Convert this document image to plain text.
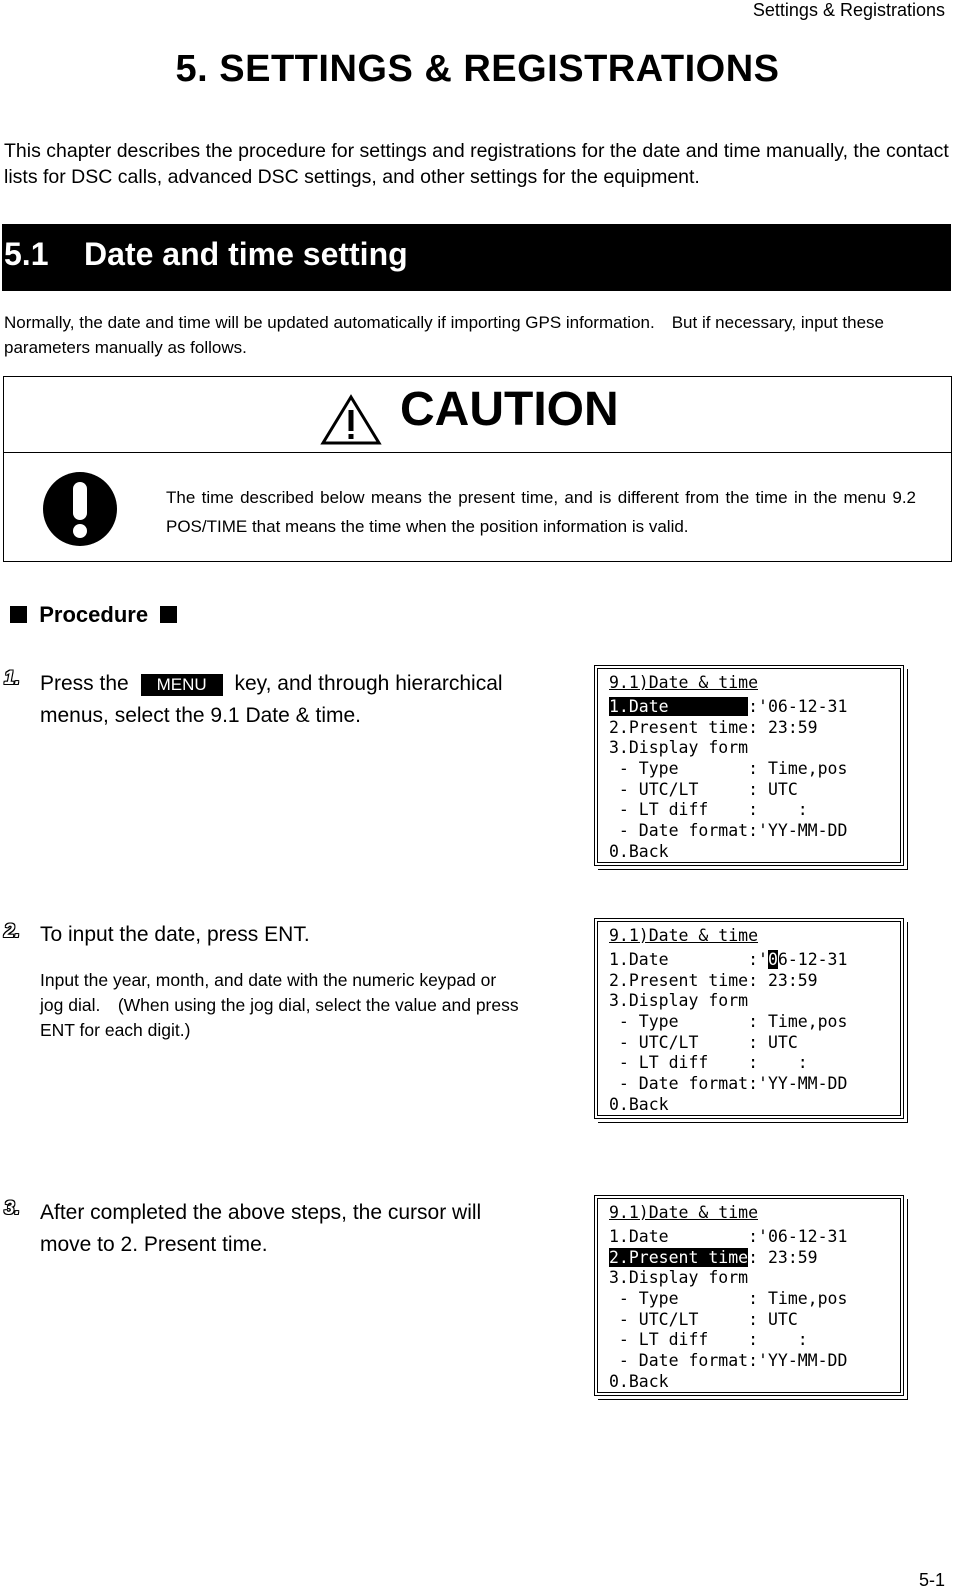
Settings & Registrations
5. SETTINGS & REGISTRATIONS
This chapter describes the procedure for settings and registrations for the date and time manually, the contact lists for DSC calls, advanced DSC settings, and other settings for the equipment.
5.1 Date and time setting
Normally, the date and time will be updated automatically if importing GPS information.　But if necessary, input these parameters manually as follows.
CAUTION
The time described below means the present time, and is different from the time in the menu 9.2 POS/TIME that means the time when the position information is valid.
Procedure
1. Press the MENU key, and through hierarchical menus, select the 9.1 Date & time.
9.1)Date & time
1.Date        :'06-12-31
2.Present time: 23:59
3.Display form
- Type       : Time,pos
- UTC/LT     : UTC
- LT diff    :    :
- Date format:'YY-MM-DD
0.Back
2. To input the date, press ENT.
Input the year, month, and date with the numeric keypad or jog dial.　(When using the jog dial, select the value and press ENT for each digit.)
9.1)Date & time
1.Date        :'06-12-31
2.Present time: 23:59
3.Display form
- Type       : Time,pos
- UTC/LT     : UTC
- LT diff    :    :
- Date format:'YY-MM-DD
0.Back
3. After completed the above steps, the cursor will move to 2. Present time.
9.1)Date & time
1.Date        :'06-12-31
2.Present time: 23:59
3.Display form
- Type       : Time,pos
- UTC/LT     : UTC
- LT diff    :    :
- Date format:'YY-MM-DD
0.Back
5-1
